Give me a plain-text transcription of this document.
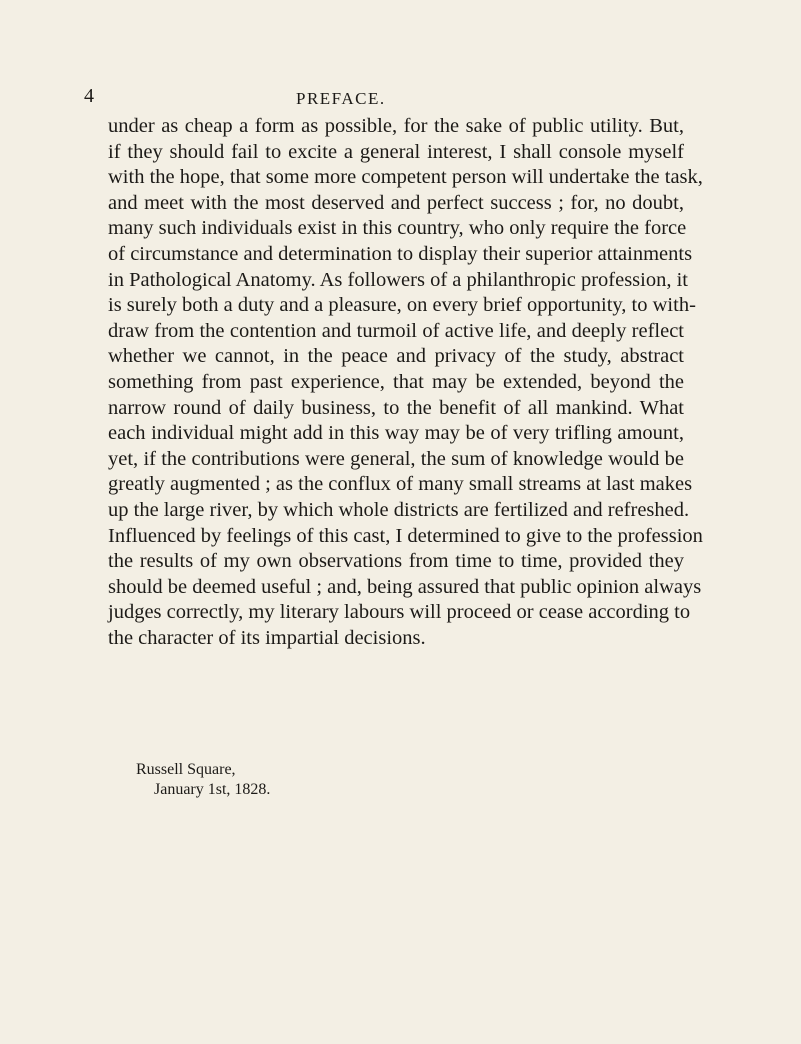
4	PREFACE.
under as cheap a form as possible, for the sake of public utility. But,
if they should fail to excite a general interest, I shall console myself
with the hope, that some more competent person will undertake the task,
and meet with the most deserved and perfect success ; for, no doubt,
many such individuals exist in this country, who only require the force
of circumstance and determination to display their superior attainments
in Pathological Anatomy. As followers of a philanthropic profession, it
is surely both a duty and a pleasure, on every brief opportunity, to with-
draw from the contention and turmoil of active life, and deeply reflect
whether we cannot, in the peace and privacy of the study, abstract
something from past experience, that may be extended, beyond the
narrow round of daily business, to the benefit of all mankind. What
each individual might add in this way may be of very trifling amount,
yet, if the contributions were general, the sum of knowledge would be
greatly augmented ; as the conflux of many small streams at last makes
up the large river, by which whole districts are fertilized and refreshed.
Influenced by feelings of this cast, I determined to give to the profession
the results of my own observations from time to time, provided they
should be deemed useful ; and, being assured that public opinion always
judges correctly, my literary labours will proceed or cease according to
the character of its impartial decisions.
Russell Square,
January 1st, 1828.
